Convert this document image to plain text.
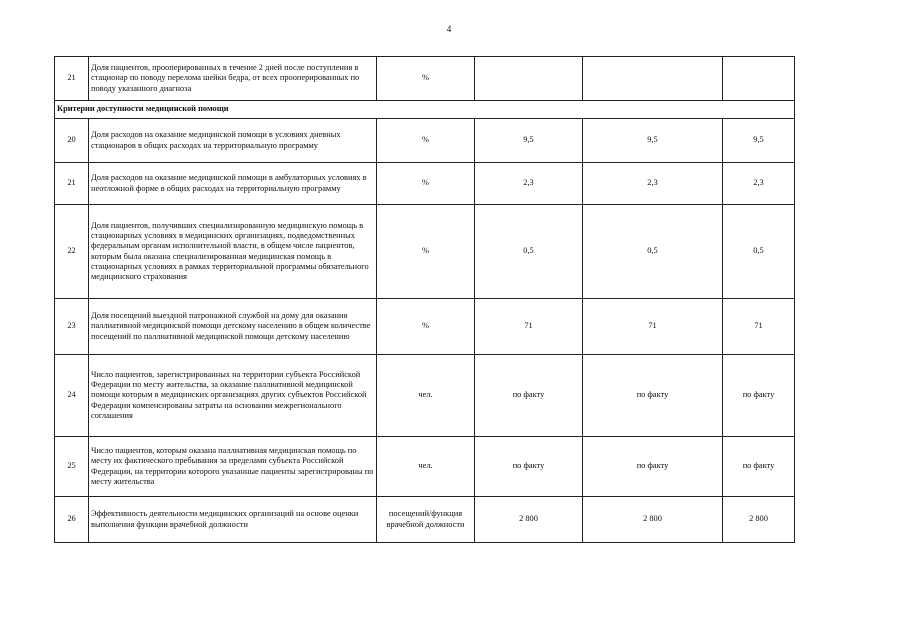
4
21	Доля пациентов, прооперированных в течение 2 дней после поступления в стационар по поводу перелома шейки бедра, от всех прооперированных по поводу указанного диагноза	%			
Критерии доступности медицинской помощи					
20	Доля расходов на оказание медицинской помощи в условиях дневных стационаров в общих расходах на территориальную программу	%	9,5	9,5	9,5
21	Доля расходов на оказание медицинской помощи в амбулаторных условиях в неотложной форме в общих расходах на территориальную программу	%	2,3	2,3	2,3
22	Доля пациентов, получивших специализированную медицинскую помощь в стационарных условиях в медицинских организациях, подведомственных федеральным органам исполнительной власти, в общем числе пациентов, которым была оказана специализированная медицинская помощь в стационарных условиях в рамках территориальной программы обязательного медицинского страхования	%	0,5	0,5	0,5
23	Доля посещений выездной патронажной службой на дому для оказания паллиативной медицинской помощи детскому населению в общем количестве посещений по паллиативной медицинской помощи детскому населению	%	71	71	71
24	Число пациентов, зарегистрированных на территории субъекта Российской Федерации по месту жительства, за оказание паллиативной медицинской помощи которым в медицинских организациях других субъектов Российской Федерации компенсированы затраты на основании межрегионального соглашения	чел.	по факту	по факту	по факту
25	Число пациентов, которым оказана паллиативная медицинская помощь по месту их фактического пребывания за пределами субъекта Российской Федерации, на территории которого указанные пациенты зарегистрированы по месту жительства	чел.	по факту	по факту	по факту
26	Эффективность деятельности медицинских организаций на основе оценки выполнения функции врачебной должности	посещений/функция врачебной должности	2 800	2 800	2 800
